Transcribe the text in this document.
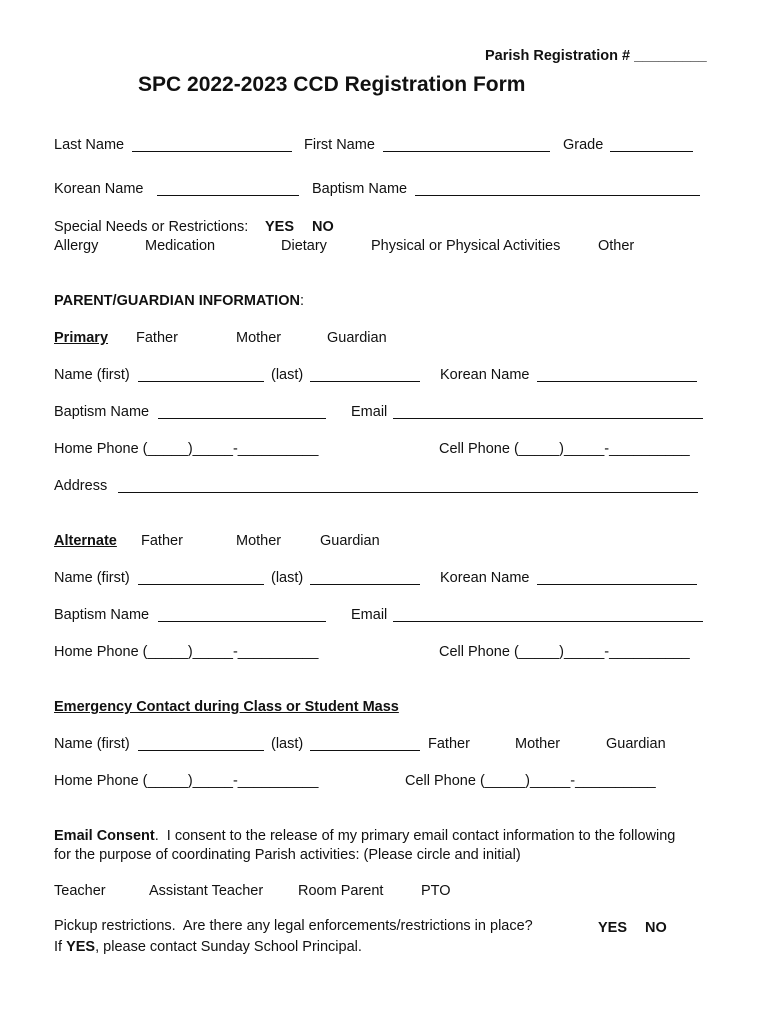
Parish Registration # _________
SPC 2022-2023 CCD Registration Form
Last Name	First Name	Grade
Korean Name	Baptism Name
Special Needs or Restrictions: YES NO
Allergy	Medication	Dietary	Physical or Physical Activities	Other
PARENT/GUARDIAN INFORMATION:
Primary Father	Mother	Guardian
Name (first)	(last)	Korean Name
Baptism Name	Email
Home Phone (_____)_____-__________	Cell Phone (_____)_____-__________
Address
Alternate Father	Mother	Guardian
Name (first)	(last)	Korean Name
Baptism Name	Email
Home Phone (_____)_____-__________	Cell Phone (_____)_____-__________
Emergency Contact during Class or Student Mass
Name (first)	(last)	Father	Mother	Guardian
Home Phone (_____)_____-__________	Cell Phone (_____)_____-__________
Email Consent.  I consent to the release of my primary email contact information to the following
for the purpose of coordinating Parish activities: (Please circle and initial)
Teacher	Assistant Teacher Room Parent	PTO
Pickup restrictions.  Are there any legal enforcements/restrictions in place?	YES NO
If YES, please contact Sunday School Principal.
